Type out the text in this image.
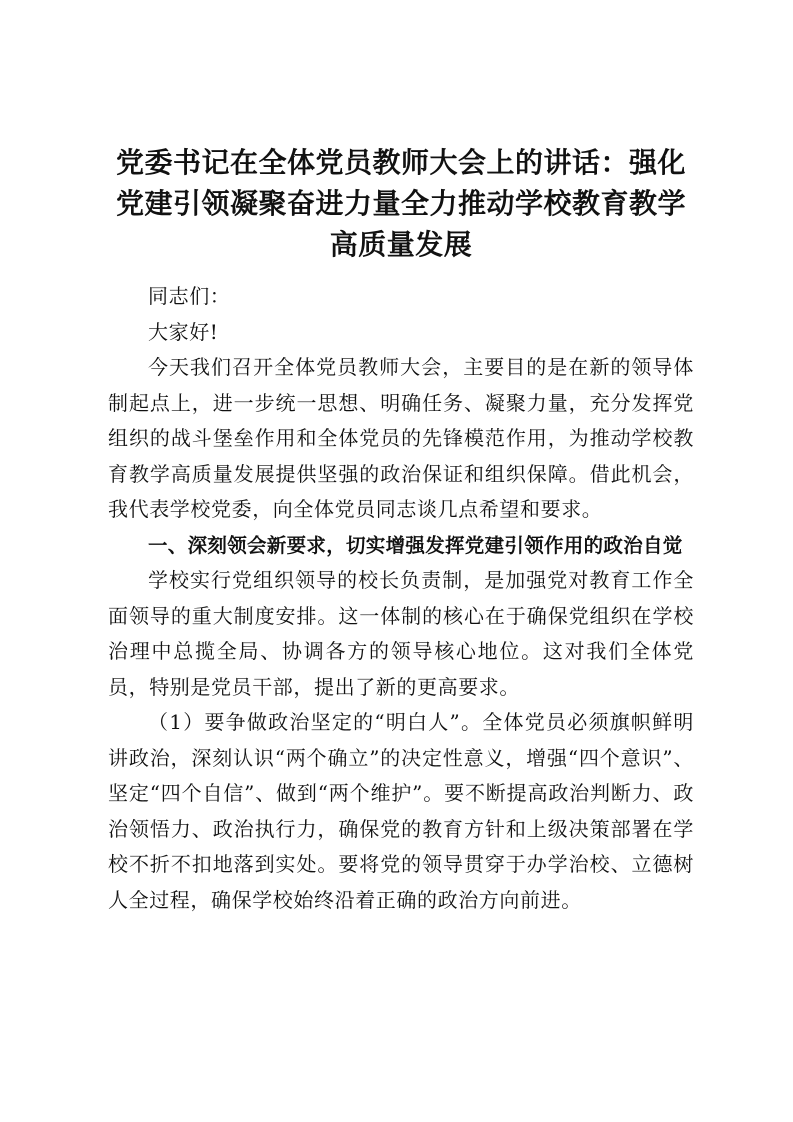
党委书记在全体党员教师大会上的讲话：强化党建引领凝聚奋进力量全力推动学校教育教学高质量发展

同志们：

大家好!

今天我们召开全体党员教师大会，主要目的是在新的领导体制起点上，进一步统一思想、明确任务、凝聚力量，充分发挥党组织的战斗堡垒作用和全体党员的先锋模范作用，为推动学校教育教学高质量发展提供坚强的政治保证和组织保障。借此机会，我代表学校党委，向全体党员同志谈几点希望和要求。

一、深刻领会新要求，切实增强发挥党建引领作用的政治自觉

学校实行党组织领导的校长负责制，是加强党对教育工作全面领导的重大制度安排。这一体制的核心在于确保党组织在学校治理中总揽全局、协调各方的领导核心地位。这对我们全体党员，特别是党员干部，提出了新的更高要求。

（1）要争做政治坚定的“明白人”。全体党员必须旗帜鲜明讲政治，深刻认识“两个确立”的决定性意义，增强“四个意识”、坚定“四个自信”、做到“两个维护”。要不断提高政治判断力、政治领悟力、政治执行力，确保党的教育方针和上级决策部署在学校不折不扣地落到实处。要将党的领导贯穿于办学治校、立德树人全过程，确保学校始终沿着正确的政治方向前进。
